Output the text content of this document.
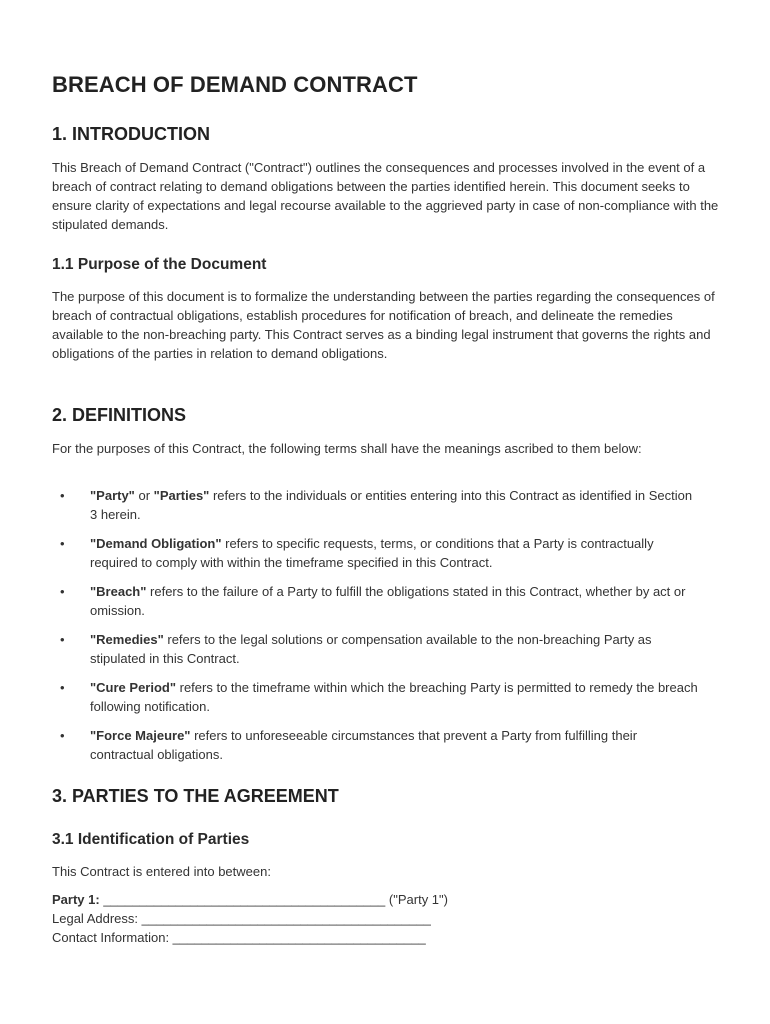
BREACH OF DEMAND CONTRACT
1. INTRODUCTION

This Breach of Demand Contract ("Contract") outlines the consequences and processes involved in the event of a breach of contract relating to demand obligations between the parties identified herein. This document seeks to ensure clarity of expectations and legal recourse available to the aggrieved party in case of non-compliance with the stipulated demands.

1.1 Purpose of the Document

The purpose of this document is to formalize the understanding between the parties regarding the consequences of breach of contractual obligations, establish procedures for notification of breach, and delineate the remedies available to the non-breaching party. This Contract serves as a binding legal instrument that governs the rights and obligations of the parties in relation to demand obligations.

2. DEFINITIONS

For the purposes of this Contract, the following terms shall have the meanings ascribed to them below:

• "Party" or "Parties" refers to the individuals or entities entering into this Contract as identified in Section 3 herein.
• "Demand Obligation" refers to specific requests, terms, or conditions that a Party is contractually required to comply with within the timeframe specified in this Contract.
• "Breach" refers to the failure of a Party to fulfill the obligations stated in this Contract, whether by act or omission.
• "Remedies" refers to the legal solutions or compensation available to the non-breaching Party as stipulated in this Contract.
• "Cure Period" refers to the timeframe within which the breaching Party is permitted to remedy the breach following notification.
• "Force Majeure" refers to unforeseeable circumstances that prevent a Party from fulfilling their contractual obligations.
3. PARTIES TO THE AGREEMENT
3.1 Identification of Parties

This Contract is entered into between:

Party 1: _______________________________________ ("Party 1")
Legal Address: ________________________________________
Contact Information: ___________________________________
